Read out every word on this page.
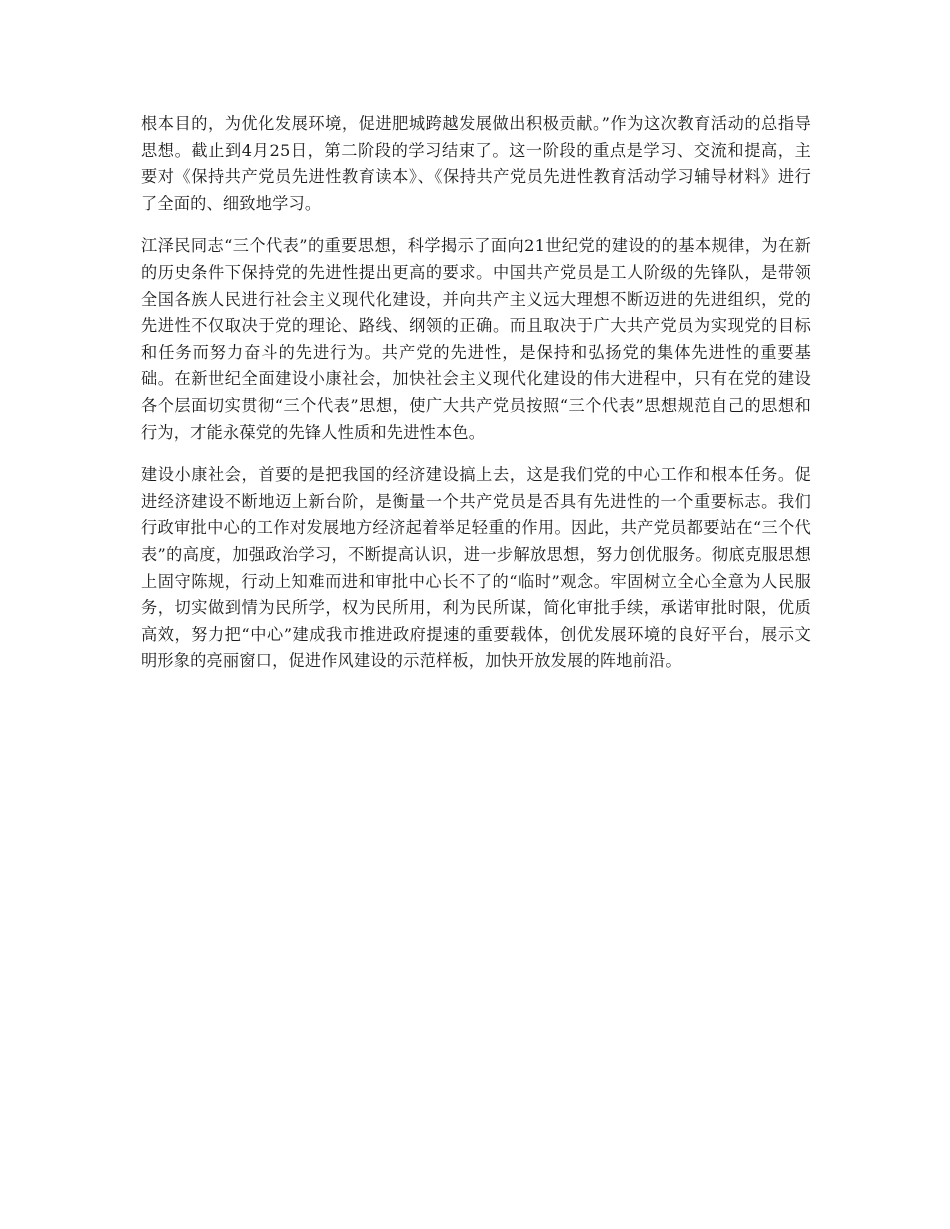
根本目的，为优化发展环境，促进肥城跨越发展做出积极贡献。”作为这次教育活动的总指导思想。截止到4月25日，第二阶段的学习结束了。这一阶段的重点是学习、交流和提高，主要对《保持共产党员先进性教育读本》、《保持共产党员先进性教育活动学习辅导材料》进行了全面的、细致地学习。

江泽民同志“三个代表”的重要思想，科学揭示了面向21世纪党的建设的的基本规律，为在新的历史条件下保持党的先进性提出更高的要求。中国共产党员是工人阶级的先锋队，是带领全国各族人民进行社会主义现代化建设，并向共产主义远大理想不断迈进的先进组织，党的先进性不仅取决于党的理论、路线、纲领的正确。而且取决于广大共产党员为实现党的目标和任务而努力奋斗的先进行为。共产党的先进性，是保持和弘扬党的集体先进性的重要基础。在新世纪全面建设小康社会，加快社会主义现代化建设的伟大进程中，只有在党的建设各个层面切实贯彻“三个代表”思想，使广大共产党员按照“三个代表”思想规范自己的思想和行为，才能永葆党的先锋人性质和先进性本色。

建设小康社会，首要的是把我国的经济建设搞上去，这是我们党的中心工作和根本任务。促进经济建设不断地迈上新台阶，是衡量一个共产党员是否具有先进性的一个重要标志。我们行政审批中心的工作对发展地方经济起着举足轻重的作用。因此，共产党员都要站在“三个代表”的高度，加强政治学习，不断提高认识，进一步解放思想，努力创优服务。彻底克服思想上固守陈规，行动上知难而进和审批中心长不了的“临时”观念。牢固树立全心全意为人民服务，切实做到情为民所学，权为民所用，利为民所谋，简化审批手续，承诺审批时限，优质高效，努力把“中心”建成我市推进政府提速的重要载体，创优发展环境的良好平台，展示文明形象的亮丽窗口，促进作风建设的示范样板，加快开放发展的阵地前沿。
